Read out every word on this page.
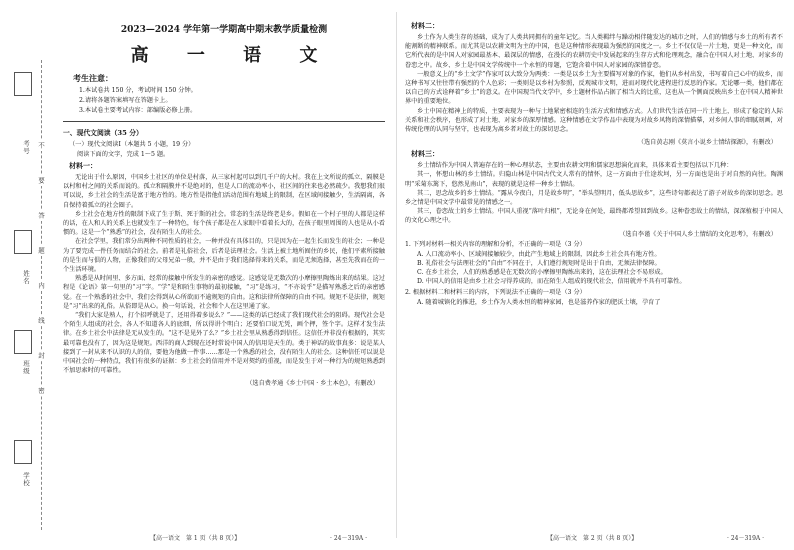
考号
姓名
班级
学校
不
要
答
题
内
线
封
密
2023—2024 学年第一学期高中期末教学质量检测
高 一 语 文
考生注意：
1.本试卷共 150 分，考试时间 150 分钟。
2.请将各题答案填写在答题卡上。
3.本试卷主要考试内容：部编版必修上册。
一、现代文阅读（35 分）
（一）现代文阅读Ⅰ（本题共 5 小题，19 分）
阅读下面的文字，完成 1～5 题。
材料一：

无论出于什么原因，中国乡土社区的单位是村落，从三家村起可以到几千户的大村。我在上文所说的孤立、隔膜是以村和村之间的关系而说的。孤立和隔膜并不是绝对的，但是人口的流动率小，社区间的往来也必然疏少。我想我们很可以说，乡土社会的生活是富于地方性的。地方性是指他们活动范围有地域上的限制，在区域间接触少，生活隔离，各自保持着孤立的社会圈子。

乡土社会在地方性的限制下成了生于斯、死于斯的社会。常态的生活是终老是乡。假如在一个村子里的人都是这样的话，在人和人的关系上也就发生了一种特色，每个孩子都是在人家眼中看着长大的，在孩子眼里周围的人也是从小看惯的。这是一个“熟悉”的社会，没有陌生人的社会。

在社会学里，我们常分出两种不同性质的社会，一种并没有具体目的，只是因为在一起生长而发生的社会；一种是为了要完成一件任务而结合的社会。前者是礼俗社会，后者是法理社会。生活上被土地所囿住的乡民，他们平素所接触的是生而与俱的人物，正像我们的父母兄弟一般，并不是由于我们选择得来的关系，而是无须选择，甚至先我而在的一个生活环境。

熟悉是从时间里、多方面、经常的接触中所发生的亲密的感觉。这感觉是无数次的小摩擦里陶炼出来的结果。这过程是《论语》第一句里的“习”字。“学”是和陌生事物的最初接触，“习”是练习，“不亦说乎”是描写熟悉之后的亲密感觉。在一个熟悉的社会中，我们会得到从心所欲而不逾规矩的自由。这和法律所保障的自由不同。规矩不是法律，规矩是“习”出来的礼俗。从俗即是从心。换一句话说，社会和个人在这里通了家。

“我们大家是熟人，打个招呼就是了，还用得着多说么？”——这类的话已经成了我们现代社会的阻碍。现代社会是个陌生人组成的社会，各人不知道各人的底细，所以得讲个明白；还要怕口说无凭，画个押，签个字。这样才发生法律。在乡土社会中法律是无从发生的。“这不是见外了么？”乡土社会里从熟悉得到信任。这信任并非没有根据的，其实最可靠也没有了，因为这是规矩。西洋的商人到现在还时常说中国人的信用是天生的。类于神话的故事真多：说是某人接到了一封从来不认识的人的信，要他为他做一件事……那是一个熟悉的社会，没有陌生人的社会。这种信任可以说是中国社会的一种特点，我们有很多的证据：乡土社会的信用并不是对契约的重视，而是发生于对一种行为的规矩熟悉到不加思索时的可靠性。

（选自费孝通《乡土中国 · 乡土本色》，有删改）
【高一语文　第 1 页（共 8 页）】	· 24－319A ·
材料二：

乡土作为人类生存的基础，成为了人类共同拥有的童年记忆。当人类羁绊与躁动相伴随发达的城市之时，人们的情感与乡土的所有者不能割断的精神联系。而尤其是以农耕文明为主的中国，也是这种情形表现最为强烈的国度之一。乡土不仅仅是一片土地，更是一种文化，而它所代表的是中国人对家园最基本、最深层的情感，在漫长的农耕历史中发展起来的生存方式和伦理观念，融合在中国人对土地、对家乡的眷恋之中。故乡、乡土是中国文学传统中一个永恒的母题，它饱含着中国人对家园的深情眷恋。

一般意义上的“乡土文学”作家可以大致分为两类：一类是以乡土为主要描写对象的作家，他们从乡村出发，书写着自己心中的故乡，而这种书写又往往带有强烈的个人色彩；一类则是以乡村为参照，反观城市文明，进而对现代化进程进行反思的作家。无论哪一类，他们都在以自己的方式诠释着“乡土”的意义。在中国现当代文学中，乡土题材作品占据了相当大的比重，这也从一个侧面反映出乡土在中国人精神世界中的重要地位。

乡土中国在精神上的特质，主要表现为一种与土地紧密相连的生活方式和情感方式。人们世代生活在同一片土地上，形成了稳定的人际关系和社会秩序，也形成了对土地、对家乡的深厚情感。这种情感在文学作品中表现为对故乡风物的深情描摹，对乡间人事的细腻刻画，对传统伦理的认同与坚守，也表现为离乡者对故土的深切思念。

（选自黄志刚《莫言小说乡土情结探源》，有删改）
材料三：

乡土情结作为中国人普遍存在的一种心理状态，主要由农耕文明和儒家思想演化而来，具体来看主要包括以下几种：

其一，怀想山林的乡土情结。归隐山林是中国古代文人常有的情怀，这一方面由于仕途坎坷，另一方面也是出于对自然的向往。陶渊明“采菊东篱下，悠然见南山”，表现的就是这样一种乡土情结。

其二，思念故乡的乡土情结。“露从今夜白，月是故乡明”，“举头望明月，低头思故乡”，这些诗句都表达了游子对故乡的深切思念。思乡之情是中国文学中最常见的情感之一。

其三，眷恋故土的乡土情结。中国人重视“落叶归根”，无论身在何处，最终都希望回到故乡。这种眷恋故土的情结，深深植根于中国人的文化心理之中。

（选自李谨《关于中国人乡土情结的文化思考》，有删改）
1. 下列对材料一相关内容的理解和分析，不正确的一项是（3 分）
A. 人口流动率小、区域间接触较少，由此产生地域上的限制，因此乡土社会具有地方性。
B. 礼俗社会与法理社会的“自由”不同在于，人们遵行规矩时是出于自由，无须法律保障。
C. 在乡土社会，人们的熟悉感是在无数次的小摩擦里陶炼出来的，这在法理社会不易形成。
D. 中国人的信用是由乡土社会习得养成的，而在陌生人组成的现代社会，信用就并不具有可靠性。
2. 根据材料二和材料三的内容，下列说法不正确的一项是（3 分）
A. 随着城镇化的推进，乡土作为人类永恒的精神家园，也是滋养作家的肥沃土壤，孕育了
【高一语文　第 2 页（共 8 页）】	· 24－319A ·
